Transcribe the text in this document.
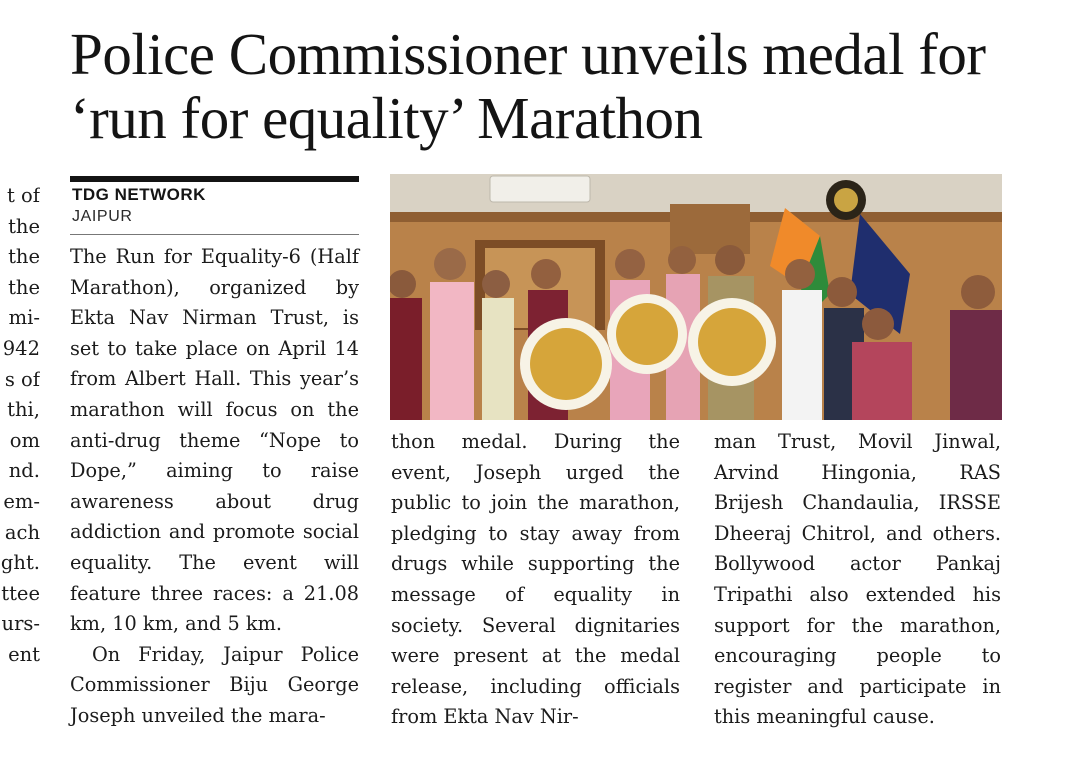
Police Commissioner unveils medal for ‘run for equality’ Marathon
t of
the
the
the
mi-
942
s of
thi,
om
nd.
em-
ach
ght.
ttee
urs-
ent
TDG NETWORK
JAIPUR

The Run for Equality-6 (Half Marathon), organized by Ekta Nav Nirman Trust, is set to take place on April 14 from Albert Hall. This year’s marathon will focus on the anti-drug theme “Nope to Dope,” aiming to raise awareness about drug addiction and promote social equality. The event will feature three races: a 21.08 km, 10 km, and 5 km.

On Friday, Jaipur Police Commissioner Biju George Joseph unveiled the mara-

thon medal. During the event, Joseph urged the public to join the marathon, pledging to stay away from drugs while supporting the message of equality in society. Several dignitaries were present at the medal release, including officials from Ekta Nav Nir-

man Trust, Movil Jinwal, Arvind Hingonia, RAS Brijesh Chandaulia, IRSSE Dheeraj Chitrol, and others. Bollywood actor Pankaj Tripathi also extended his support for the marathon, encouraging people to register and participate in this meaningful cause.
